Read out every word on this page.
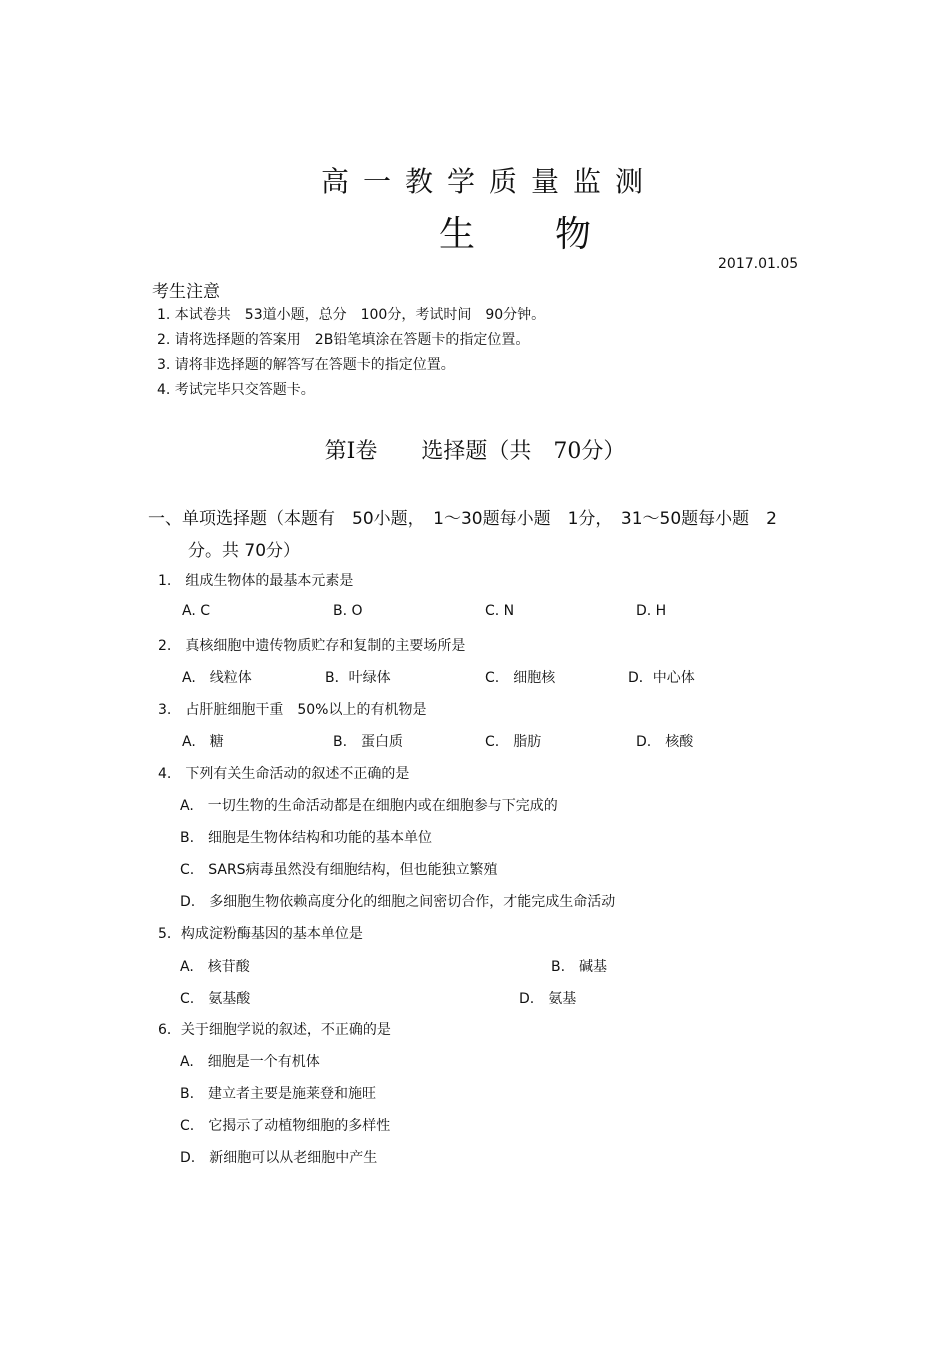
高一教学质量监测
生物
2017.01.05
考生注意
1. 本试卷共　53道小题，总分　100分，考试时间　90分钟。
2. 请将选择题的答案用　2B铅笔填涂在答题卡的指定位置。
3. 请将非选择题的解答写在答题卡的指定位置。
4. 考试完毕只交答题卡。
第Ⅰ卷　　选择题（共　70分）
一、单项选择题（本题有　50小题，　1～30题每小题　1分，　31～50题每小题　2
分。共 70分）
1.　组成生物体的最基本元素是
A. C	B. O	C. N	D. H
2.　真核细胞中遗传物质贮存和复制的主要场所是
A.　线粒体	B．叶绿体	C.　细胞核	D．中心体
3.　占肝脏细胞干重　50%以上的有机物是
A.　糖	B.　蛋白质	C.　脂肪	D.　核酸
4.　下列有关生命活动的叙述不正确的是
A.　一切生物的生命活动都是在细胞内或在细胞参与下完成的
B.　细胞是生物体结构和功能的基本单位
C.　SARS病毒虽然没有细胞结构，但也能独立繁殖
D.　多细胞生物依赖高度分化的细胞之间密切合作，才能完成生命活动
5．构成淀粉酶基因的基本单位是
A.　核苷酸	B.　碱基
C.　氨基酸	D.　氨基
6．关于细胞学说的叙述，不正确的是
A.　细胞是一个有机体
B.　建立者主要是施莱登和施旺
C.　它揭示了动植物细胞的多样性
D.　新细胞可以从老细胞中产生
